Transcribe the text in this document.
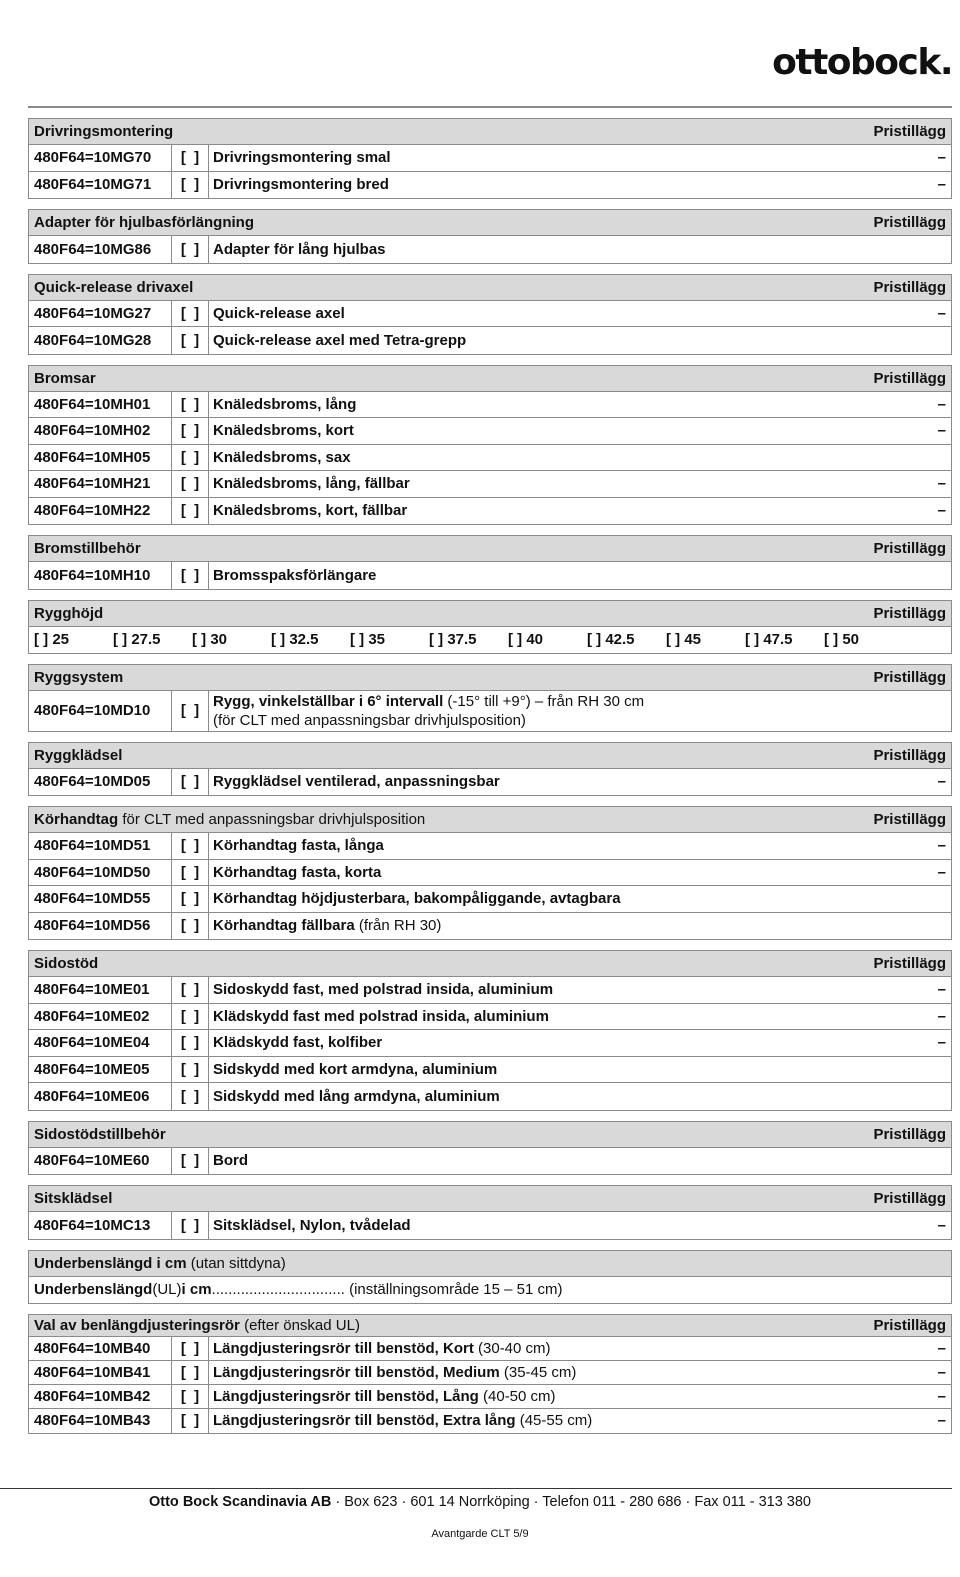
ottobock.
Drivringsmontering	Pristillägg
480F64=10MG70	[  ] Drivringsmontering smal	–
480F64=10MG71	[  ] Drivringsmontering bred	–
Adapter för hjulbasförlängning	Pristillägg
480F64=10MG86	[  ] Adapter för lång hjulbas
Quick-release drivaxel	Pristillägg
480F64=10MG27	[  ] Quick-release axel	–
480F64=10MG28	[  ] Quick-release axel med Tetra-grepp
Bromsar	Pristillägg
480F64=10MH01	[  ] Knäledsbroms, lång	–
480F64=10MH02	[  ] Knäledsbroms, kort	–
480F64=10MH05	[  ] Knäledsbroms, sax
480F64=10MH21	[  ] Knäledsbroms, lång, fällbar	–
480F64=10MH22	[  ] Knäledsbroms, kort, fällbar	–
Bromstillbehör	Pristillägg
480F64=10MH10	[  ] Bromsspaksförlängare
Rygghöjd	Pristillägg
[ ] 25	[ ] 27.5	[ ] 30	[ ] 32.5	[ ] 35	[ ] 37.5	[ ] 40	[ ] 42.5	[ ] 45	[ ] 47.5	[ ] 50
Ryggsystem	Pristillägg
480F64=10MD10	[  ]
Rygg, vinkelställbar i 6° intervall (-15° till +9°) – från RH 30 cm
(för CLT med anpassningsbar drivhjulsposition)
Ryggklädsel	Pristillägg
480F64=10MD05	[  ] Ryggklädsel ventilerad, anpassningsbar	–
Körhandtag för CLT med anpassningsbar drivhjulsposition	Pristillägg
480F64=10MD51	[  ] Körhandtag fasta, långa	–
480F64=10MD50	[  ] Körhandtag fasta, korta	–
480F64=10MD55	[  ] Körhandtag höjdjusterbara, bakompåliggande, avtagbara
480F64=10MD56	[  ] Körhandtag fällbara (från RH 30)
Sidostöd	Pristillägg
480F64=10ME01	[  ] Sidoskydd fast, med polstrad insida, aluminium	–
480F64=10ME02	[  ] Klädskydd fast med polstrad insida, aluminium	–
480F64=10ME04	[  ] Klädskydd fast, kolfiber	–
480F64=10ME05	[  ] Sidskydd med kort armdyna, aluminium
480F64=10ME06	[  ] Sidskydd med lång armdyna, aluminium
Sidostödstillbehör	Pristillägg
480F64=10ME60	[  ] Bord
Sitsklädsel	Pristillägg
480F64=10MC13	[  ] Sitsklädsel, Nylon, tvådelad	–
Underbenslängd i cm (utan sittdyna)
Underbenslängd (UL) i cm ................................ (inställningsområde 15 – 51 cm)
Val av benlängdjusteringsrör (efter önskad UL)	Pristillägg
480F64=10MB40	[  ] Längdjusteringsrör till benstöd, Kort (30-40 cm)	–
480F64=10MB41	[  ] Längdjusteringsrör till benstöd, Medium (35-45 cm)	–
480F64=10MB42	[  ] Längdjusteringsrör till benstöd, Lång (40-50 cm)	–
480F64=10MB43	[  ] Längdjusteringsrör till benstöd, Extra lång (45-55 cm)	–
Otto Bock Scandinavia AB · Box 623 · 601 14 Norrköping · Telefon 011 - 280 686 · Fax 011 - 313 380
Avantgarde CLT 5/9
